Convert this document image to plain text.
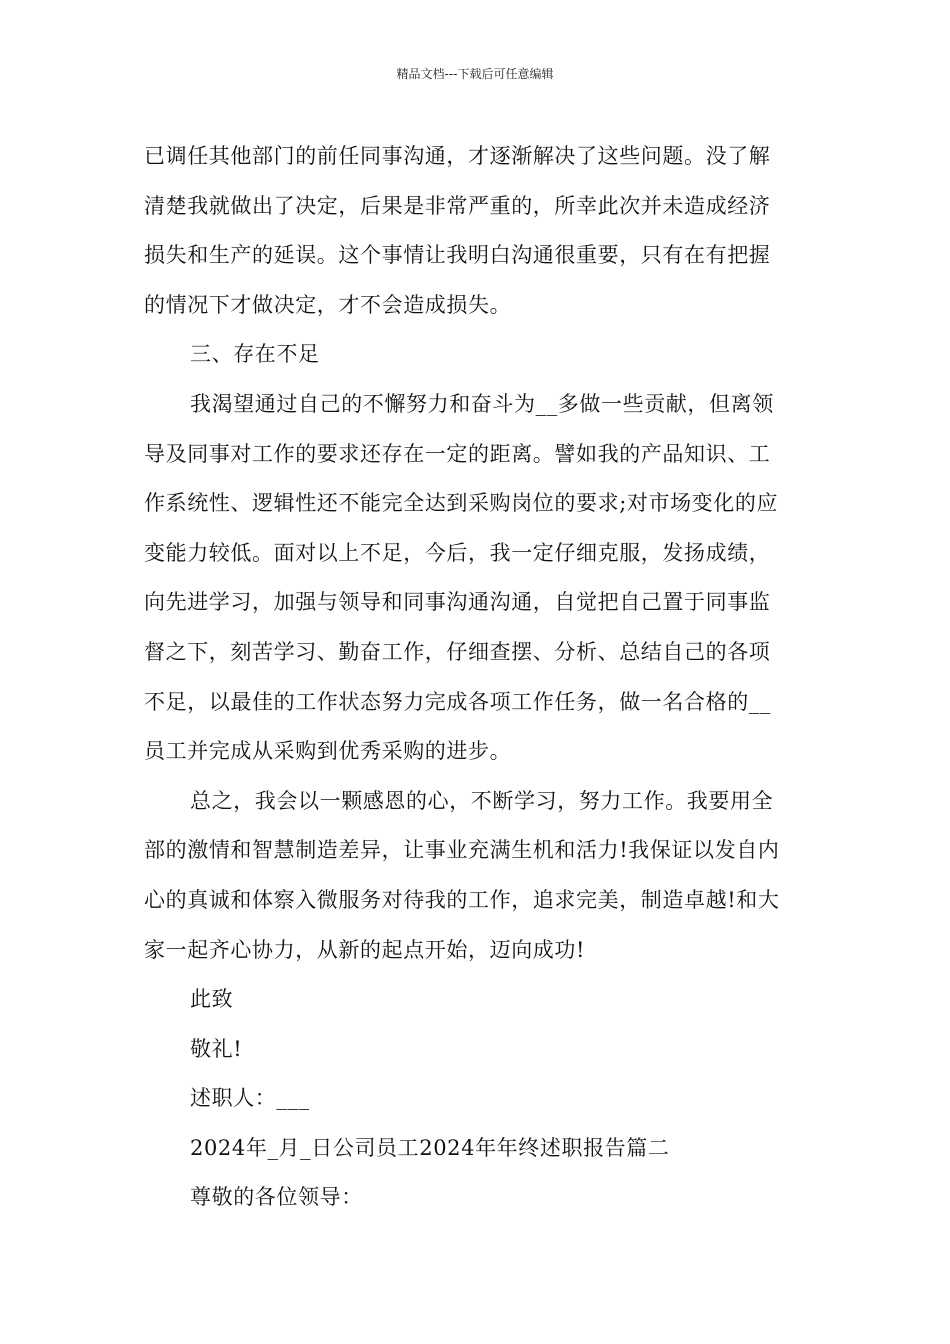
精品文档---下载后可任意编辑
已调任其他部门的前任同事沟通，才逐渐解决了这些问题。没了解
清楚我就做出了决定，后果是非常严重的，所幸此次并未造成经济
损失和生产的延误。这个事情让我明白沟通很重要，只有在有把握
的情况下才做决定，才不会造成损失。
三、存在不足
我渴望通过自己的不懈努力和奋斗为__多做一些贡献，但离领
导及同事对工作的要求还存在一定的距离。譬如我的产品知识、工
作系统性、逻辑性还不能完全达到采购岗位的要求;对市场变化的应
变能力较低。面对以上不足，今后，我一定仔细克服，发扬成绩，
向先进学习，加强与领导和同事沟通沟通，自觉把自己置于同事监
督之下，刻苦学习、勤奋工作，仔细查摆、分析、总结自己的各项
不足，以最佳的工作状态努力完成各项工作任务，做一名合格的__
员工并完成从采购到优秀采购的进步。
总之，我会以一颗感恩的心，不断学习，努力工作。我要用全
部的激情和智慧制造差异，让事业充满生机和活力!我保证以发自内
心的真诚和体察入微服务对待我的工作，追求完美，制造卓越!和大
家一起齐心协力，从新的起点开始，迈向成功!
此致
敬礼!
述职人：___
2024年_月_日公司员工2024年年终述职报告篇二
尊敬的各位领导：
